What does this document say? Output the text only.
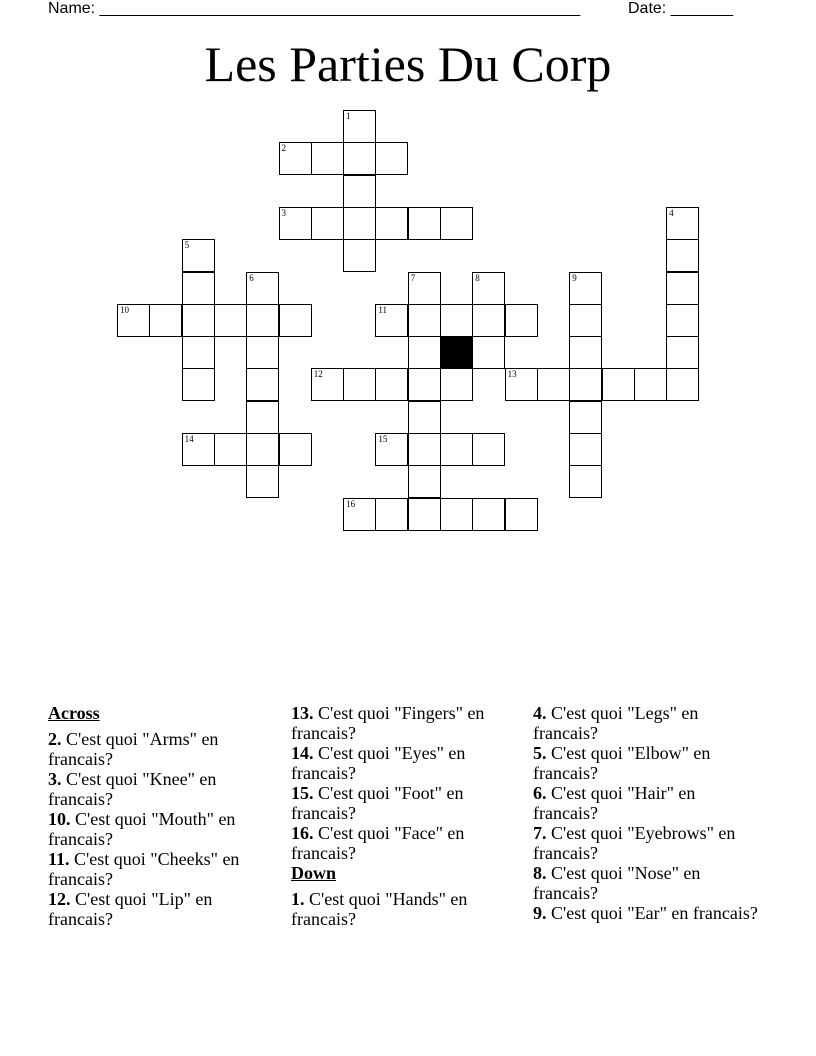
Name: ______________________________________________________	Date: _______
Les Parties Du Corp
1
2
3	4
5
6	7	8	9
10	11
12	13
14	15
16
Across
2. C'est quoi "Arms" en francais?
3. C'est quoi "Knee" en francais?
10. C'est quoi "Mouth" en francais?
11. C'est quoi "Cheeks" en francais?
12. C'est quoi "Lip" en francais?
13. C'est quoi "Fingers" en francais?
14. C'est quoi "Eyes" en francais?
15. C'est quoi "Foot" en francais?
16. C'est quoi "Face" en francais?
Down
1. C'est quoi "Hands" en francais?
4. C'est quoi "Legs" en francais?
5. C'est quoi "Elbow" en francais?
6. C'est quoi "Hair" en francais?
7. C'est quoi "Eyebrows" en francais?
8. C'est quoi "Nose" en francais?
9. C'est quoi "Ear" en francais?
